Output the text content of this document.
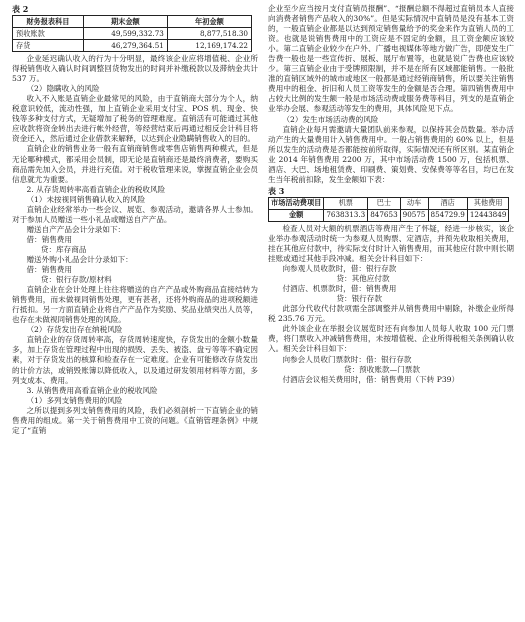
表 2
财务报表科目	期末金额	年初金额
预收账款	49,599,332.73	8,877,518.30
存货	46,279,364.51	12,169,174.22

企业延迟确认收入的行为十分明显，最终该企业应将增值税、企业所得税销售收入确认时间调整回货物发出的时间并补缴税款以及滞纳金共计 537 万。

（2）隐瞒收入的风险

收入不入账是直销企业最常见的风险，由于直销商大部分为个人，纳税意识较低，流动性强，加上直销企业采用支付宝、POS 机、现金、快钱等多种支付方式，无疑增加了税务的管理难度。直销活有可能通过其他应收款将资金转出去进行帐外经营，等经营结束后再通过相反会计科目将资金还入，然后通过企业借款来解释，以达到企业隐瞒销售收入的目的。

直销企业的销售业务一般有直销商销售或零售店销售两种模式，但是无论哪种模式，都采用会员制，即无论是直销商还是最终消费者，要购买商品需先加入会员，并进行充值。对于税收管理来说，掌握直销企业会员信息就尤为重要。

2. 从存货周转率高看直销企业的税收风险

（1）未按视同销售确认收入的风险

直销企业经常举办一些会议、展览、参观活动，邀请各界人士参加。对于参加人员赠送一些小礼品或赠送自产产品。

赠送自产产品会计分录如下：

借：销售费用

贷：库存商品

赠送外购小礼品会计分录如下：

借：销售费用

贷：银行存款/原材料

直销企业在会计处理上往往将赠送的自产产品或外购商品直接结转为销售费用，而未做视同销售处理，更有甚者，还将外购商品的进项税额进行抵扣。另一方面直销企业将自产产品作为奖励、奖品业绩突出人员等，也存在未做视同销售处理的风险。

（2）存货发出存在纳税风险

直销企业的存货周转率高，存货周转速度快，存货发出的金额小数量多，加上存货在管理过程中出现的损毁、丢失、被盗、盘亏等等不确定因素，对于存货发出的核算和检查存在一定难度。企业有可能修改存货发出的计价方法，或销毁账簿以降低收入，以及通过研发领用材料等方面，多列支成本、费用。

3. 从销售费用高看直销企业的税收风险

（1）多列支销售费用的风险

之所以提到多列支销售费用的风险，我们必须剖析一下直销企业的销售费用的组成。第一关于销售费用中工资的问题。《直销管理条例》中规定了“直销

企业至少应当按月支付直销员报酬”、“报酬总额不得超过直销员本人直接向消费者销售产品收入的30%”。但是实际情况中直销员是没有基本工资的，一般直销企业都是以达到预定销售量给予的奖金来作为直销人员的工资。也就是说销售费用中的工资应是不固定的金额，且工资金额应该较小。第二直销企业较少在户外、广播电视媒体等地方做广告，即使发生广告费一般也是一些宣传折、展板、展厅布置等，也就是说广告费也应该较少。第三直销企业由于受牌照限制，并不是在所有区域都能销售。一般批准的直销区域外的城市或地区一般都是通过经销商销售，所以要关注销售费用中的租金、折旧和人员工资等发生的金额是否合理。第四销售费用中占较大比例的发生额一般是市场活动费或服务费等科目，列支的是直销企业举办会展、参观活动等发生的费用，具体风险见下点。

（2）发生市场活动费的风险

直销企业每月需邀请大量团队前来参观，以保持其会员数量。举办活动产生的大量费用计入销售费用中。一般占销售费用的 60% 以上，但是所以发生的活动费是否都能按前所取得，实际情况还有所区别。某直销企业 2014 年销售费用 2200 万，其中市场活动费 1500 万，包括机票、酒店、大巴、场地租赁费、印刷费、策划费、安保费等等名目，均已在发生当年税前扣除，发生金额如下表：

表 3
市场活动费项目	机票	巴士	动车	酒店	其他费用
金额	7638313.3	847653	90575	854729.9	12443849

检查人员对大额的机票酒店等费用产生了怀疑，经进一步核实，该企业举办参观活动时统一为参观人员购票、定酒店，并预先收取相关费用，挂在其他应付款中，待实际支付时计入销售费用，而其他应付款中则长期挂账或通过其他手段冲减。相关会计科目如下：

向参观人员收款时，借：银行存款

贷：其他应付款

付酒店、机票款时，借：销售费用

贷：银行存款

此部分代收代付款项需全部调整并从销售费用中剔除，补缴企业所得税 235.76 万元。

此外该企业在举报会议展览时还有向参加人员每人收取 100 元门票费，将门票收入冲减销售费用，未按增值税、企业所得税相关条例确认收入。相关会计科目如下：

向参会人员收门票款时：借：银行存款

贷：预收账款—门票款

付酒店会议相关费用时，借：销售费用（下转 P39）
